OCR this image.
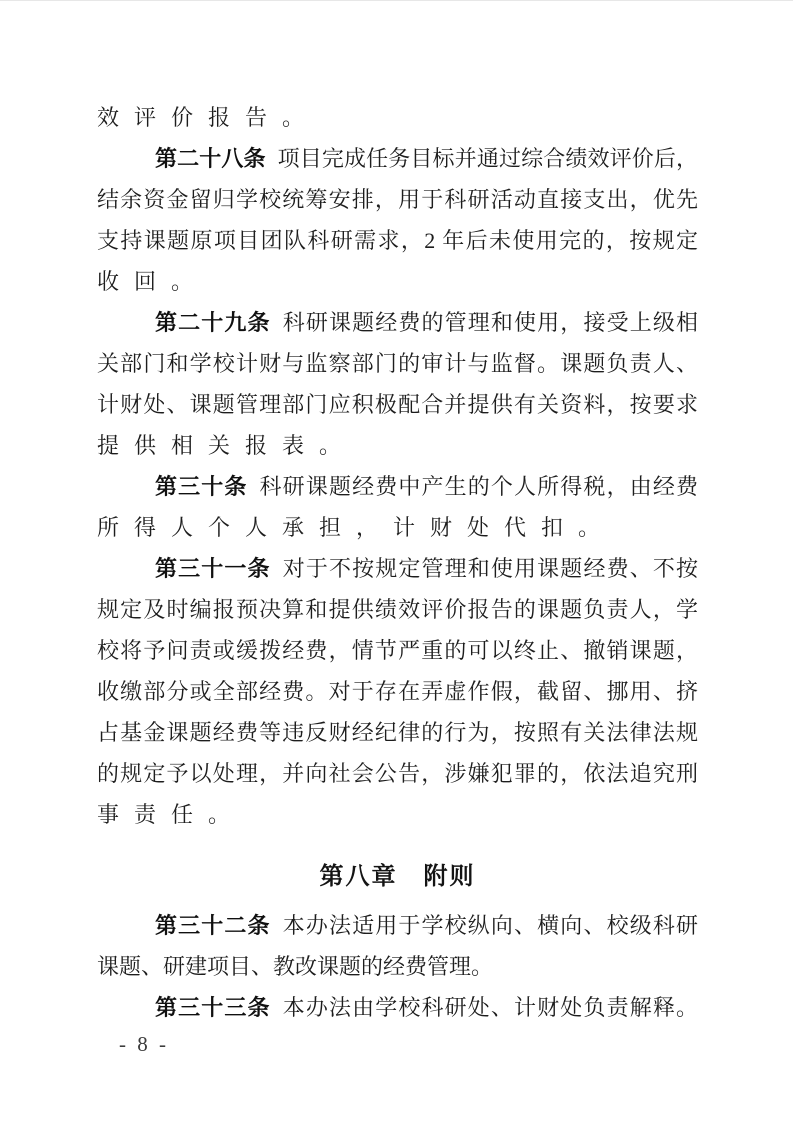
效评价报告。
第二十八条 项目完成任务目标并通过综合绩效评价后，
结余资金留归学校统筹安排，用于科研活动直接支出，优先
支持课题原项目团队科研需求，2 年后未使用完的，按规定
收回。
第二十九条 科研课题经费的管理和使用，接受上级相
关部门和学校计财与监察部门的审计与监督。课题负责人、
计财处、课题管理部门应积极配合并提供有关资料，按要求
提供相关报表。
第三十条 科研课题经费中产生的个人所得税，由经费
所得人个人承担，计财处代扣。
第三十一条 对于不按规定管理和使用课题经费、不按
规定及时编报预决算和提供绩效评价报告的课题负责人，学
校将予问责或缓拨经费，情节严重的可以终止、撤销课题，
收缴部分或全部经费。对于存在弄虚作假，截留、挪用、挤
占基金课题经费等违反财经纪律的行为，按照有关法律法规
的规定予以处理，并向社会公告，涉嫌犯罪的，依法追究刑
事责任。
第八章　附则
第三十二条 本办法适用于学校纵向、横向、校级科研
课题、研建项目、教改课题的经费管理。
第三十三条 本办法由学校科研处、计财处负责解释。
- 8 -
